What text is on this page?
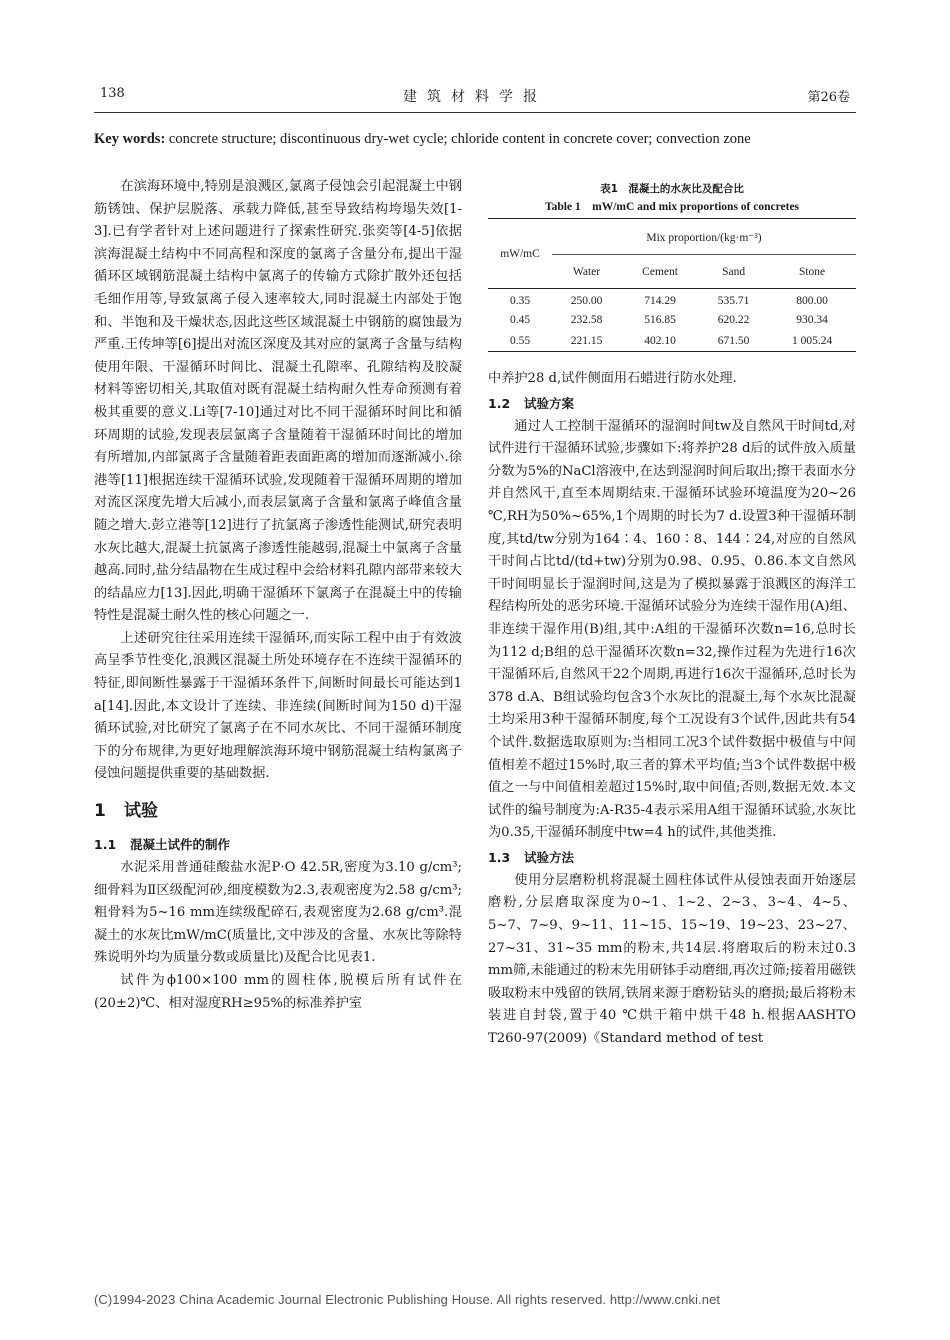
138	建筑材料学报	第26卷
Key words: concrete structure; discontinuous dry-wet cycle; chloride content in concrete cover; convection zone

在滨海环境中,特别是浪溅区,氯离子侵蚀会引起混凝土中钢筋锈蚀、保护层脱落、承载力降低,甚至导致结构垮塌失效[1-3].已有学者针对上述问题进行了探索性研究.张奕等[4-5]依据滨海混凝土结构中不同高程和深度的氯离子含量分布,提出干湿循环区域钢筋混凝土结构中氯离子的传输方式除扩散外还包括毛细作用等,导致氯离子侵入速率较大,同时混凝土内部处于饱和、半饱和及干燥状态,因此这些区域混凝土中钢筋的腐蚀最为严重.王传坤等[6]提出对流区深度及其对应的氯离子含量与结构使用年限、干湿循环时间比、混凝土孔隙率、孔隙结构及胶凝材料等密切相关,其取值对既有混凝土结构耐久性寿命预测有着极其重要的意义.Li等[7-10]通过对比不同干湿循环时间比和循环周期的试验,发现表层氯离子含量随着干湿循环时间比的增加有所增加,内部氯离子含量随着距表面距离的增加而逐渐减小.徐港等[11]根据连续干湿循环试验,发现随着干湿循环周期的增加对流区深度先增大后减小,而表层氯离子含量和氯离子峰值含量随之增大.彭立港等[12]进行了抗氯离子渗透性能测试,研究表明水灰比越大,混凝土抗氯离子渗透性能越弱,混凝土中氯离子含量越高.同时,盐分结晶物在生成过程中会给材料孔隙内部带来较大的结晶应力[13].因此,明确干湿循环下氯离子在混凝土中的传输特性是混凝土耐久性的核心问题之一.

上述研究往往采用连续干湿循环,而实际工程中由于有效波高呈季节性变化,浪溅区混凝土所处环境存在不连续干湿循环的特征,即间断性暴露于干湿循环条件下,间断时间最长可能达到1 a[14].因此,本文设计了连续、非连续(间断时间为150 d)干湿循环试验,对比研究了氯离子在不同水灰比、不同干湿循环制度下的分布规律,为更好地理解滨海环境中钢筋混凝土结构氯离子侵蚀问题提供重要的基础数据.

1 试验
1.1 混凝土试件的制作

水泥采用普通硅酸盐水泥P·O 42.5R,密度为3.10 g/cm³;细骨料为Ⅱ区级配河砂,细度模数为2.3,表观密度为2.58 g/cm³;粗骨料为5~16 mm连续级配碎石,表观密度为2.68 g/cm³.混凝土的水灰比mW/mC(质量比,文中涉及的含量、水灰比等除特殊说明外均为质量分数或质量比)及配合比见表1.

试件为ϕ100×100 mm的圆柱体,脱模后所有试件在(20±2)℃、相对湿度RH≥95%的标准养护室

表1　混凝土的水灰比及配合比
Table 1　mW/mC and mix proportions of concretes
mW/mC	Mix proportion/(kg·m⁻³)			
	Water	Cement	Sand	Stone
0.35	250.00	714.29	535.71	800.00
0.45	232.58	516.85	620.22	930.34
0.55	221.15	402.10	671.50	1 005.24

中养护28 d,试件侧面用石蜡进行防水处理.

1.2 试验方案

通过人工控制干湿循环的湿润时间tw及自然风干时间td,对试件进行干湿循环试验,步骤如下:将养护28 d后的试件放入质量分数为5%的NaCl溶液中,在达到湿润时间后取出;擦干表面水分并自然风干,直至本周期结束.干湿循环试验环境温度为20~26 ℃,RH为50%~65%,1个周期的时长为7 d.设置3种干湿循环制度,其td/tw分别为164∶4、160∶8、144∶24,对应的自然风干时间占比td/(td+tw)分别为0.98、0.95、0.86.本文自然风干时间明显长于湿润时间,这是为了模拟暴露于浪溅区的海洋工程结构所处的恶劣环境.干湿循环试验分为连续干湿作用(A)组、非连续干湿作用(B)组,其中:A组的干湿循环次数n=16,总时长为112 d;B组的总干湿循环次数n=32,操作过程为先进行16次干湿循环后,自然风干22个周期,再进行16次干湿循环,总时长为378 d.A、B组试验均包含3个水灰比的混凝土,每个水灰比混凝土均采用3种干湿循环制度,每个工况设有3个试件,因此共有54个试件.数据选取原则为:当相同工况3个试件数据中极值与中间值相差不超过15%时,取三者的算术平均值;当3个试件数据中极值之一与中间值相差超过15%时,取中间值;否则,数据无效.本文试件的编号制度为:A-R35-4表示采用A组干湿循环试验,水灰比为0.35,干湿循环制度中tw=4 h的试件,其他类推.

1.3 试验方法

使用分层磨粉机将混凝土圆柱体试件从侵蚀表面开始逐层磨粉,分层磨取深度为0~1、1~2、2~3、3~4、4~5、5~7、7~9、9~11、11~15、15~19、19~23、23~27、27~31、31~35 mm的粉末,共14层.将磨取后的粉末过0.3 mm筛,未能通过的粉末先用研钵手动磨细,再次过筛;接着用磁铁吸取粉末中残留的铁屑,铁屑来源于磨粉钻头的磨损;最后将粉末装进自封袋,置于40 ℃烘干箱中烘干48 h.根据AASHTO T260-97(2009)《Standard method of test

(C)1994-2023 China Academic Journal Electronic Publishing House. All rights reserved. http://www.cnki.net
